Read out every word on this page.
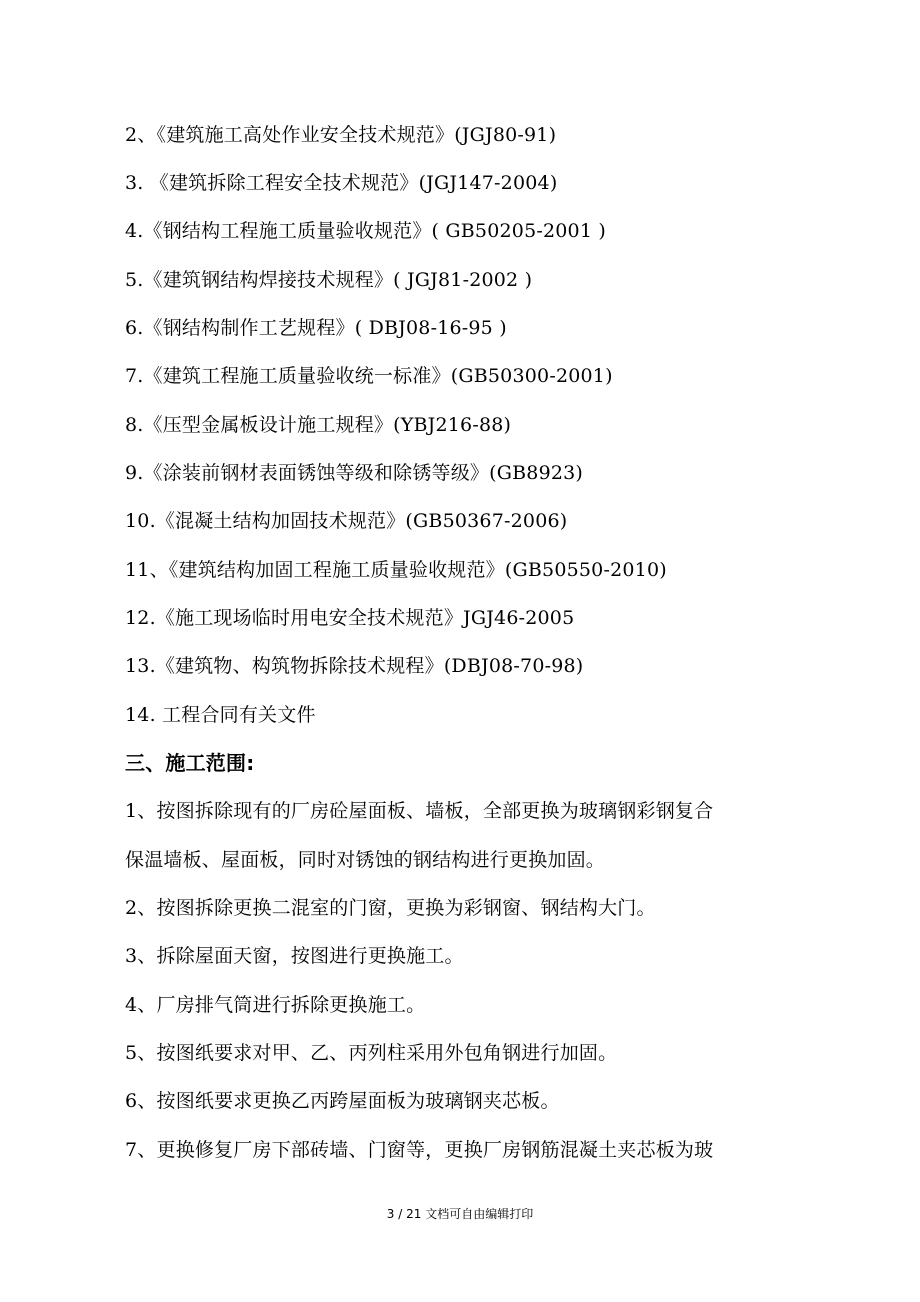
2、《建筑施工高处作业安全技术规范》(JGJ80-91)
3. 《建筑拆除工程安全技术规范》(JGJ147-2004)
4.《钢结构工程施工质量验收规范》( GB50205-2001 )
5.《建筑钢结构焊接技术规程》( JGJ81-2002 )
6.《钢结构制作工艺规程》( DBJ08-16-95 )
7.《建筑工程施工质量验收统一标准》(GB50300-2001)
8.《压型金属板设计施工规程》(YBJ216-88)
9.《涂装前钢材表面锈蚀等级和除锈等级》(GB8923)
10.《混凝土结构加固技术规范》(GB50367-2006)
11、《建筑结构加固工程施工质量验收规范》(GB50550-2010)
12.《施工现场临时用电安全技术规范》JGJ46-2005
13.《建筑物、构筑物拆除技术规程》(DBJ08-70-98)
14. 工程合同有关文件
三、施工范围:
1、按图拆除现有的厂房砼屋面板、墙板，全部更换为玻璃钢彩钢复合
保温墙板、屋面板，同时对锈蚀的钢结构进行更换加固。
2、按图拆除更换二混室的门窗，更换为彩钢窗、钢结构大门。
3、拆除屋面天窗，按图进行更换施工。
4、厂房排气筒进行拆除更换施工。
5、按图纸要求对甲、乙、丙列柱采用外包角钢进行加固。
6、按图纸要求更换乙丙跨屋面板为玻璃钢夹芯板。
7、更换修复厂房下部砖墙、门窗等，更换厂房钢筋混凝土夹芯板为玻
3 / 21 文档可自由编辑打印
